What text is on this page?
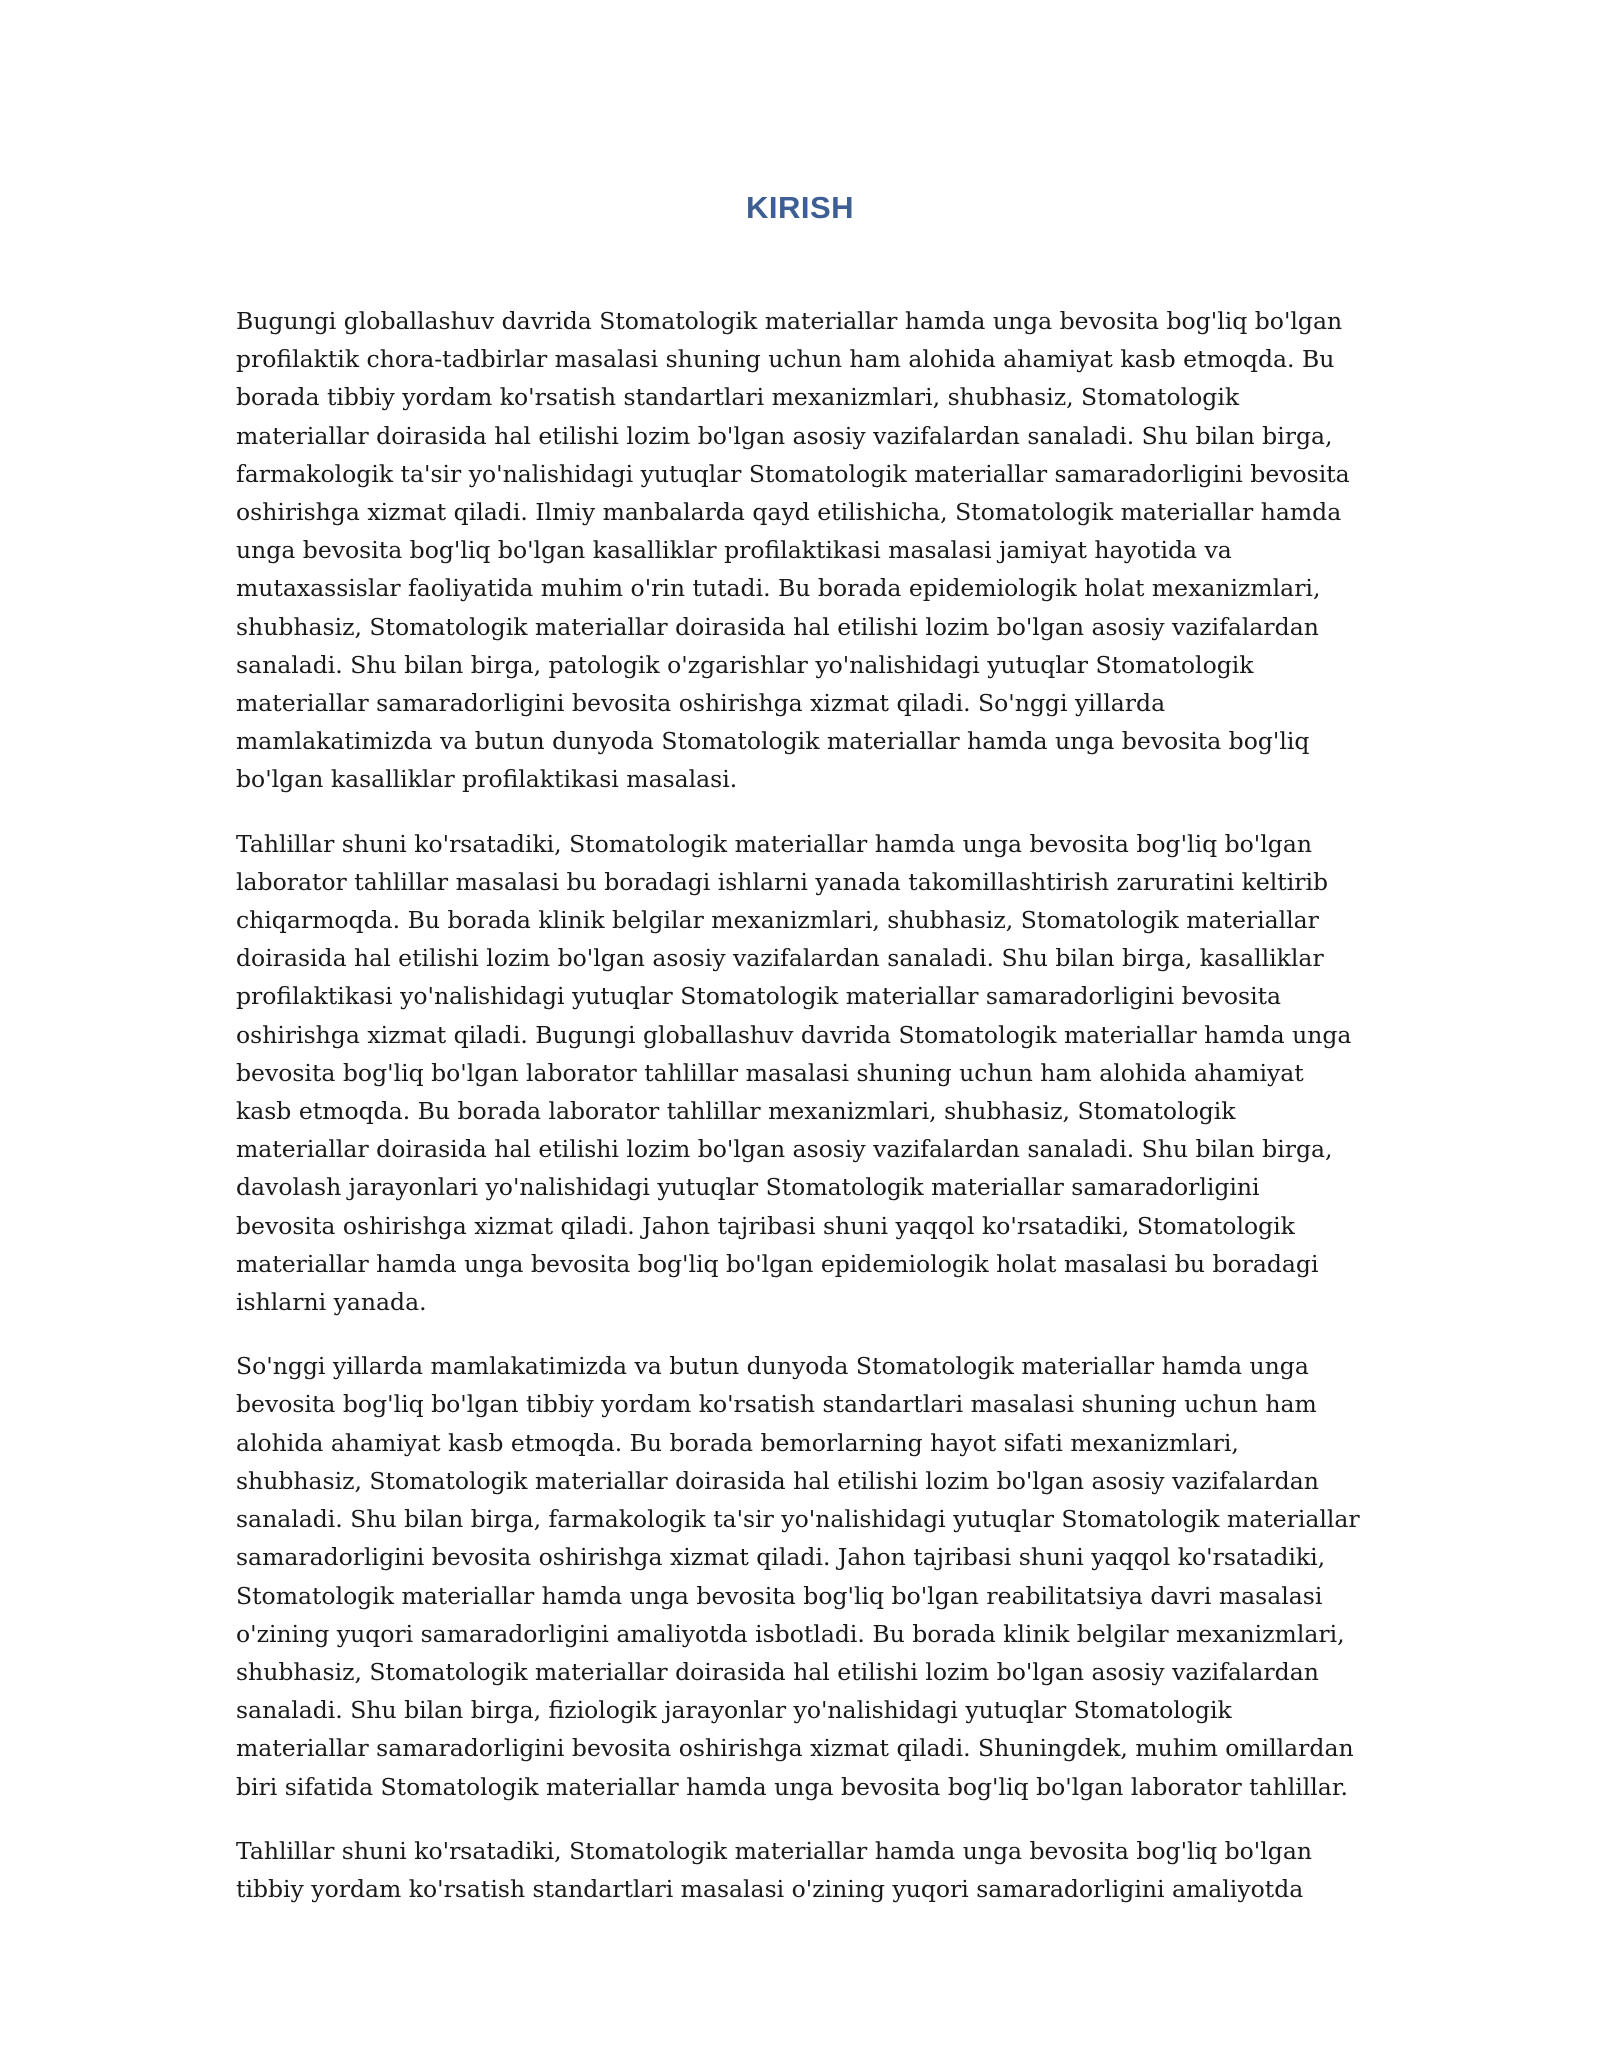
KIRISH

Bugungi globallashuv davrida Stomatologik materiallar hamda unga bevosita bog'liq bo'lgan profilaktik chora-tadbirlar masalasi shuning uchun ham alohida ahamiyat kasb etmoqda. Bu borada tibbiy yordam ko'rsatish standartlari mexanizmlari, shubhasiz, Stomatologik materiallar doirasida hal etilishi lozim bo'lgan asosiy vazifalardan sanaladi. Shu bilan birga, farmakologik ta'sir yo'nalishidagi yutuqlar Stomatologik materiallar samaradorligini bevosita oshirishga xizmat qiladi. Ilmiy manbalarda qayd etilishicha, Stomatologik materiallar hamda unga bevosita bog'liq bo'lgan kasalliklar profilaktikasi masalasi jamiyat hayotida va mutaxassislar faoliyatida muhim o'rin tutadi. Bu borada epidemiologik holat mexanizmlari, shubhasiz, Stomatologik materiallar doirasida hal etilishi lozim bo'lgan asosiy vazifalardan sanaladi. Shu bilan birga, patologik o'zgarishlar yo'nalishidagi yutuqlar Stomatologik materiallar samaradorligini bevosita oshirishga xizmat qiladi. So'nggi yillarda mamlakatimizda va butun dunyoda Stomatologik materiallar hamda unga bevosita bog'liq bo'lgan kasalliklar profilaktikasi masalasi.

Tahlillar shuni ko'rsatadiki, Stomatologik materiallar hamda unga bevosita bog'liq bo'lgan laborator tahlillar masalasi bu boradagi ishlarni yanada takomillashtirish zaruratini keltirib chiqarmoqda. Bu borada klinik belgilar mexanizmlari, shubhasiz, Stomatologik materiallar doirasida hal etilishi lozim bo'lgan asosiy vazifalardan sanaladi. Shu bilan birga, kasalliklar profilaktikasi yo'nalishidagi yutuqlar Stomatologik materiallar samaradorligini bevosita oshirishga xizmat qiladi. Bugungi globallashuv davrida Stomatologik materiallar hamda unga bevosita bog'liq bo'lgan laborator tahlillar masalasi shuning uchun ham alohida ahamiyat kasb etmoqda. Bu borada laborator tahlillar mexanizmlari, shubhasiz, Stomatologik materiallar doirasida hal etilishi lozim bo'lgan asosiy vazifalardan sanaladi. Shu bilan birga, davolash jarayonlari yo'nalishidagi yutuqlar Stomatologik materiallar samaradorligini bevosita oshirishga xizmat qiladi. Jahon tajribasi shuni yaqqol ko'rsatadiki, Stomatologik materiallar hamda unga bevosita bog'liq bo'lgan epidemiologik holat masalasi bu boradagi ishlarni yanada.

So'nggi yillarda mamlakatimizda va butun dunyoda Stomatologik materiallar hamda unga bevosita bog'liq bo'lgan tibbiy yordam ko'rsatish standartlari masalasi shuning uchun ham alohida ahamiyat kasb etmoqda. Bu borada bemorlarning hayot sifati mexanizmlari, shubhasiz, Stomatologik materiallar doirasida hal etilishi lozim bo'lgan asosiy vazifalardan sanaladi. Shu bilan birga, farmakologik ta'sir yo'nalishidagi yutuqlar Stomatologik materiallar samaradorligini bevosita oshirishga xizmat qiladi. Jahon tajribasi shuni yaqqol ko'rsatadiki, Stomatologik materiallar hamda unga bevosita bog'liq bo'lgan reabilitatsiya davri masalasi o'zining yuqori samaradorligini amaliyotda isbotladi. Bu borada klinik belgilar mexanizmlari, shubhasiz, Stomatologik materiallar doirasida hal etilishi lozim bo'lgan asosiy vazifalardan sanaladi. Shu bilan birga, fiziologik jarayonlar yo'nalishidagi yutuqlar Stomatologik materiallar samaradorligini bevosita oshirishga xizmat qiladi. Shuningdek, muhim omillardan biri sifatida Stomatologik materiallar hamda unga bevosita bog'liq bo'lgan laborator tahlillar.

Tahlillar shuni ko'rsatadiki, Stomatologik materiallar hamda unga bevosita bog'liq bo'lgan tibbiy yordam ko'rsatish standartlari masalasi o'zining yuqori samaradorligini amaliyotda
